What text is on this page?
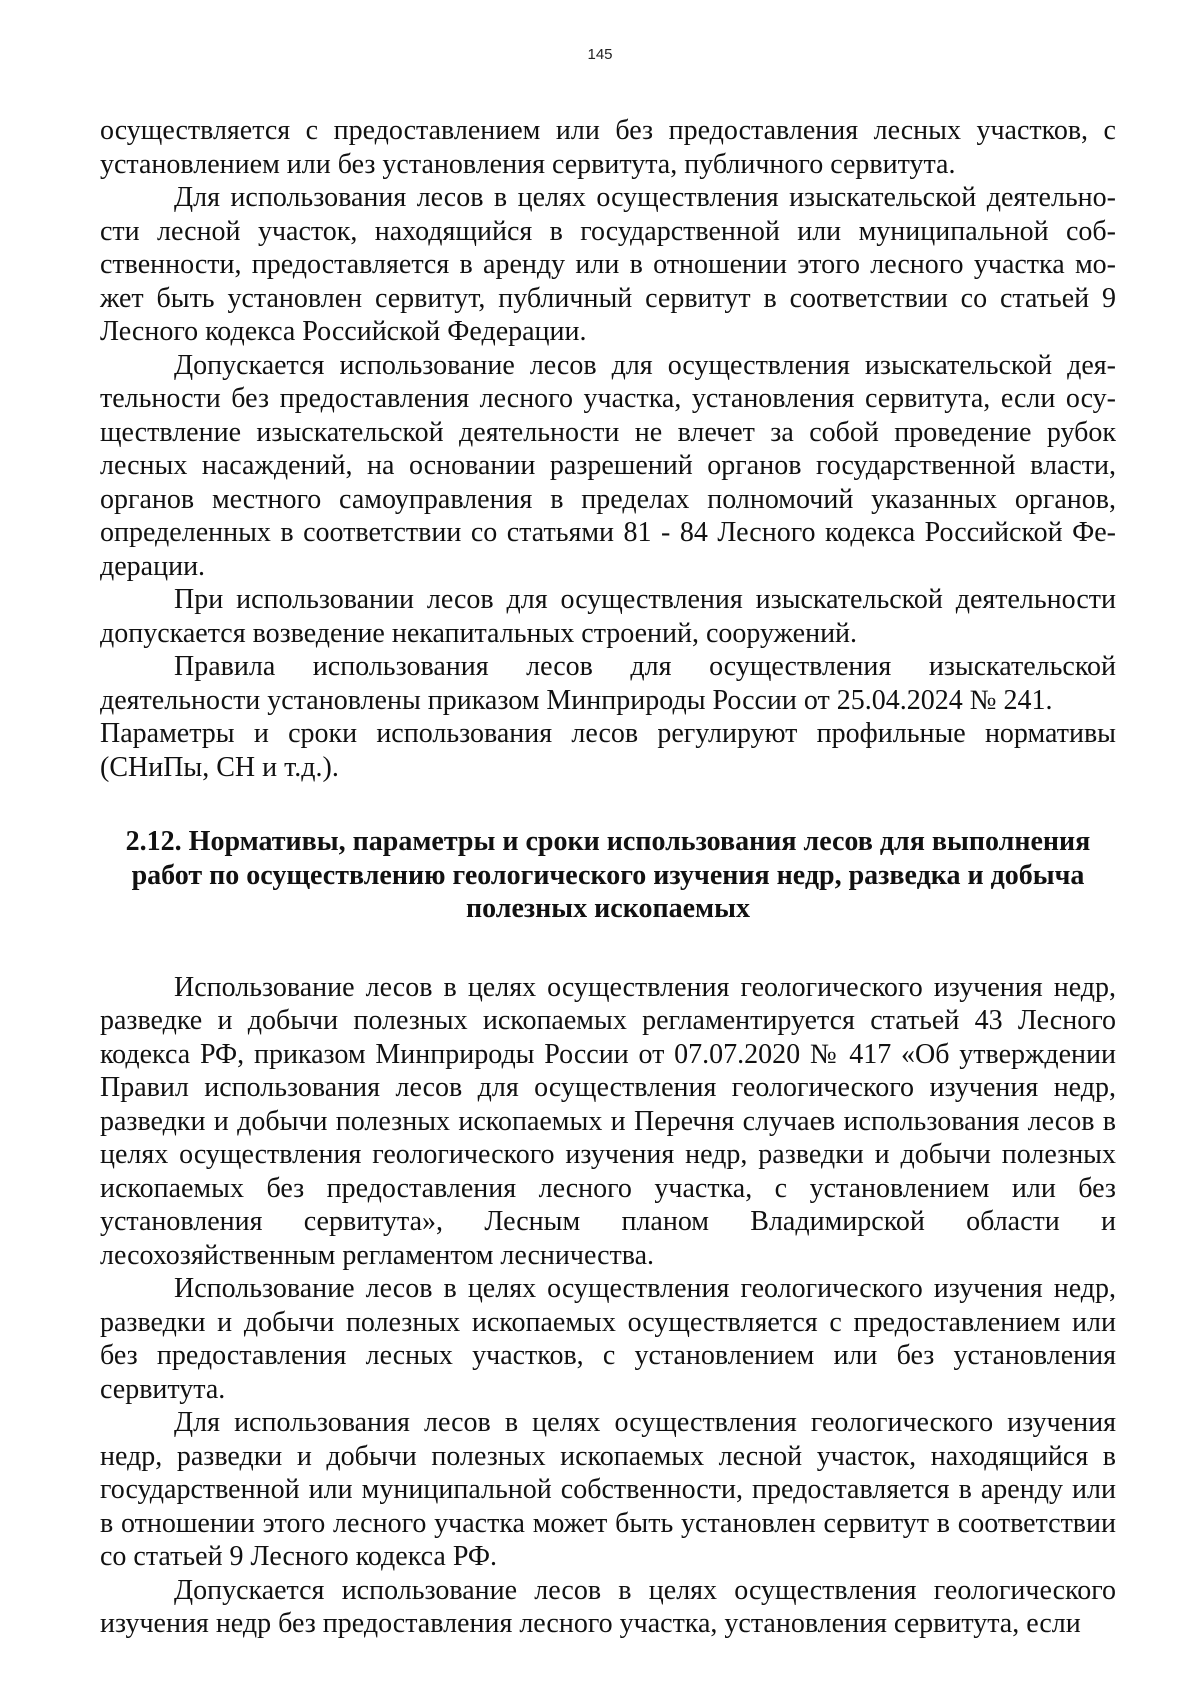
145

осуществляется с предоставлением или без предоставления лесных участков, с установлением или без установления сервитута, публичного сервитута.

Для использования лесов в целях осуществления изыскательской деятельности лесной участок, находящийся в государственной или муниципальной собственности, предоставляется в аренду или в отношении этого лесного участка может быть установлен сервитут, публичный сервитут в соответствии со статьей 9 Лесного кодекса Российской Федерации.

Допускается использование лесов для осуществления изыскательской деятельности без предоставления лесного участка, установления сервитута, если осуществление изыскательской деятельности не влечет за собой проведение рубок лесных насаждений, на основании разрешений органов государственной власти, органов местного самоуправления в пределах полномочий указанных органов, определенных в соответствии со статьями 81 - 84 Лесного кодекса Российской Федерации.

При использовании лесов для осуществления изыскательской деятельности допускается возведение некапитальных строений, сооружений.

Правила использования лесов для осуществления изыскательской деятельности установлены приказом Минприроды России от 25.04.2024 № 241.

Параметры и сроки использования лесов регулируют профильные нормативы (СНиПы, СН и т.д.).

2.12. Нормативы, параметры и сроки использования лесов для выполнения работ по осуществлению геологического изучения недр, разведка и добыча полезных ископаемых

Использование лесов в целях осуществления геологического изучения недр, разведке и добычи полезных ископаемых регламентируется статьей 43 Лесного кодекса РФ, приказом Минприроды России от 07.07.2020 № 417 «Об утверждении Правил использования лесов для осуществления геологического изучения недр, разведки и добычи полезных ископаемых и Перечня случаев использования лесов в целях осуществления геологического изучения недр, разведки и добычи полезных ископаемых без предоставления лесного участка, с установлением или без установления сервитута», Лесным планом Владимирской области и лесохозяйственным регламентом лесничества.

Использование лесов в целях осуществления геологического изучения недр, разведки и добычи полезных ископаемых осуществляется с предоставлением или без предоставления лесных участков, с установлением или без установления сервитута.

Для использования лесов в целях осуществления геологического изучения недр, разведки и добычи полезных ископаемых лесной участок, находящийся в государственной или муниципальной собственности, предоставляется в аренду или в отношении этого лесного участка может быть установлен сервитут в соответствии со статьей 9 Лесного кодекса РФ.

Допускается использование лесов в целях осуществления геологического изучения недр без предоставления лесного участка, установления сервитута, если
